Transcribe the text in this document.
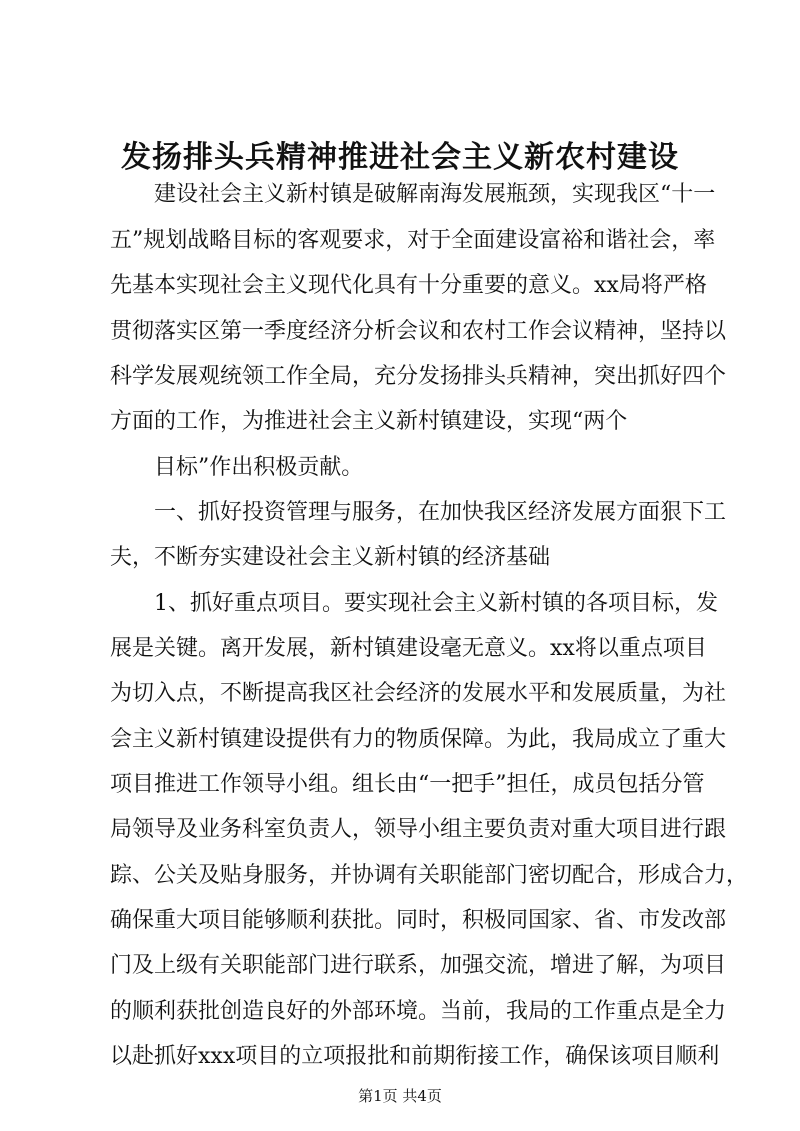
发扬排头兵精神推进社会主义新农村建设
　　建设社会主义新村镇是破解南海发展瓶颈，实现我区“十一
五”规划战略目标的客观要求，对于全面建设富裕和谐社会，率
先基本实现社会主义现代化具有十分重要的意义。xx局将严格
贯彻落实区第一季度经济分析会议和农村工作会议精神，坚持以
科学发展观统领工作全局，充分发扬排头兵精神，突出抓好四个
方面的工作，为推进社会主义新村镇建设，实现“两个
　　目标”作出积极贡献。
　　一、抓好投资管理与服务，在加快我区经济发展方面狠下工
夫，不断夯实建设社会主义新村镇的经济基础
　　1、抓好重点项目。要实现社会主义新村镇的各项目标，发
展是关键。离开发展，新村镇建设毫无意义。xx将以重点项目
为切入点，不断提高我区社会经济的发展水平和发展质量，为社
会主义新村镇建设提供有力的物质保障。为此，我局成立了重大
项目推进工作领导小组。组长由“一把手”担任，成员包括分管
局领导及业务科室负责人，领导小组主要负责对重大项目进行跟
踪、公关及贴身服务，并协调有关职能部门密切配合，形成合力，
确保重大项目能够顺利获批。同时，积极同国家、省、市发改部
门及上级有关职能部门进行联系，加强交流，增进了解，为项目
的顺利获批创造良好的外部环境。当前，我局的工作重点是全力
以赴抓好xxx项目的立项报批和前期衔接工作，确保该项目顺利
第1页 共4页
